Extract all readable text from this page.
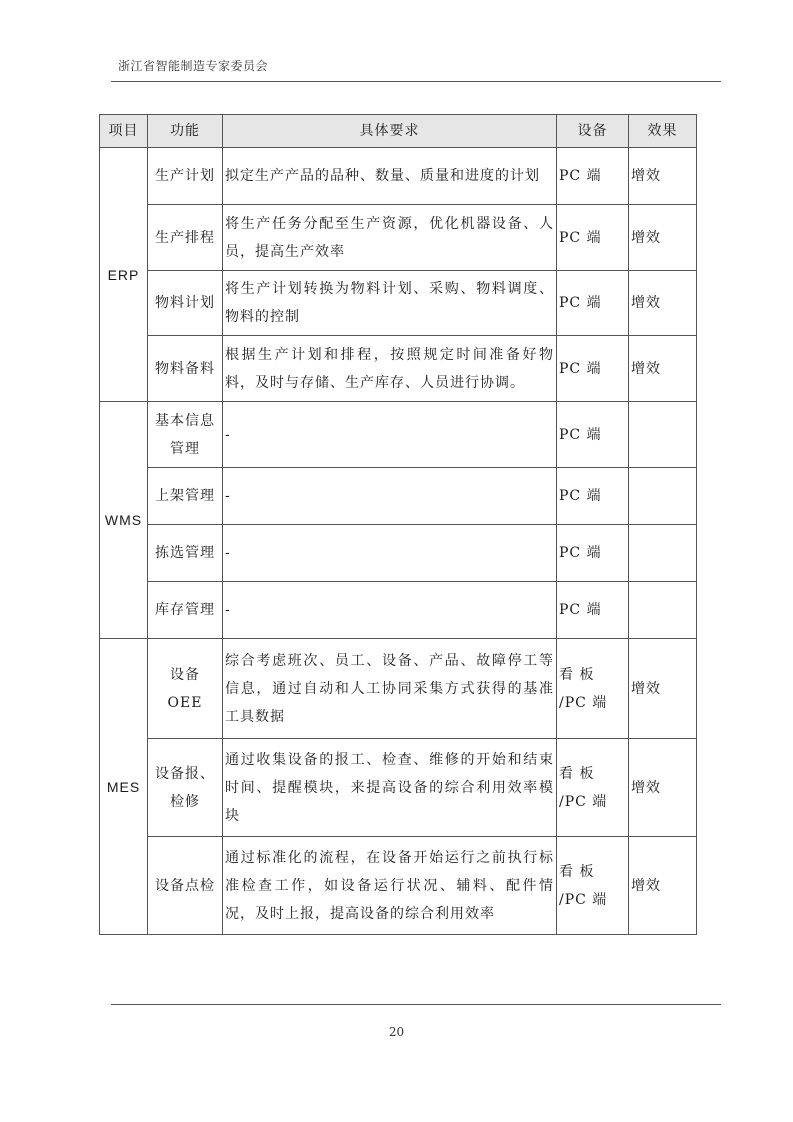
浙江省智能制造专家委员会
项目	功能	具体要求	设备	效果
ERP	生产计划	拟定生产产品的品种、数量、质量和进度的计划	PC 端	增效
	生产排程	将生产任务分配至生产资源，优化机器设备、人员，提高生产效率	PC 端	增效
	物料计划	将生产计划转换为物料计划、采购、物料调度、物料的控制	PC 端	增效
	物料备料	根据生产计划和排程，按照规定时间准备好物料，及时与存储、生产库存、人员进行协调。	PC 端	增效
WMS	基本信息管理	-	PC 端	
	上架管理	-	PC 端	
	拣选管理	-	PC 端	
	库存管理	-	PC 端	
MES	设备 OEE	综合考虑班次、员工、设备、产品、故障停工等信息，通过自动和人工协同采集方式获得的基准工具数据	看 板 /PC 端	增效
	设备报、检修	通过收集设备的报工、检查、维修的开始和结束时间、提醒模块，来提高设备的综合利用效率模块	看 板 /PC 端	增效
	设备点检	通过标准化的流程，在设备开始运行之前执行标准检查工作，如设备运行状况、辅料、配件情况，及时上报，提高设备的综合利用效率	看 板 /PC 端	增效
20
